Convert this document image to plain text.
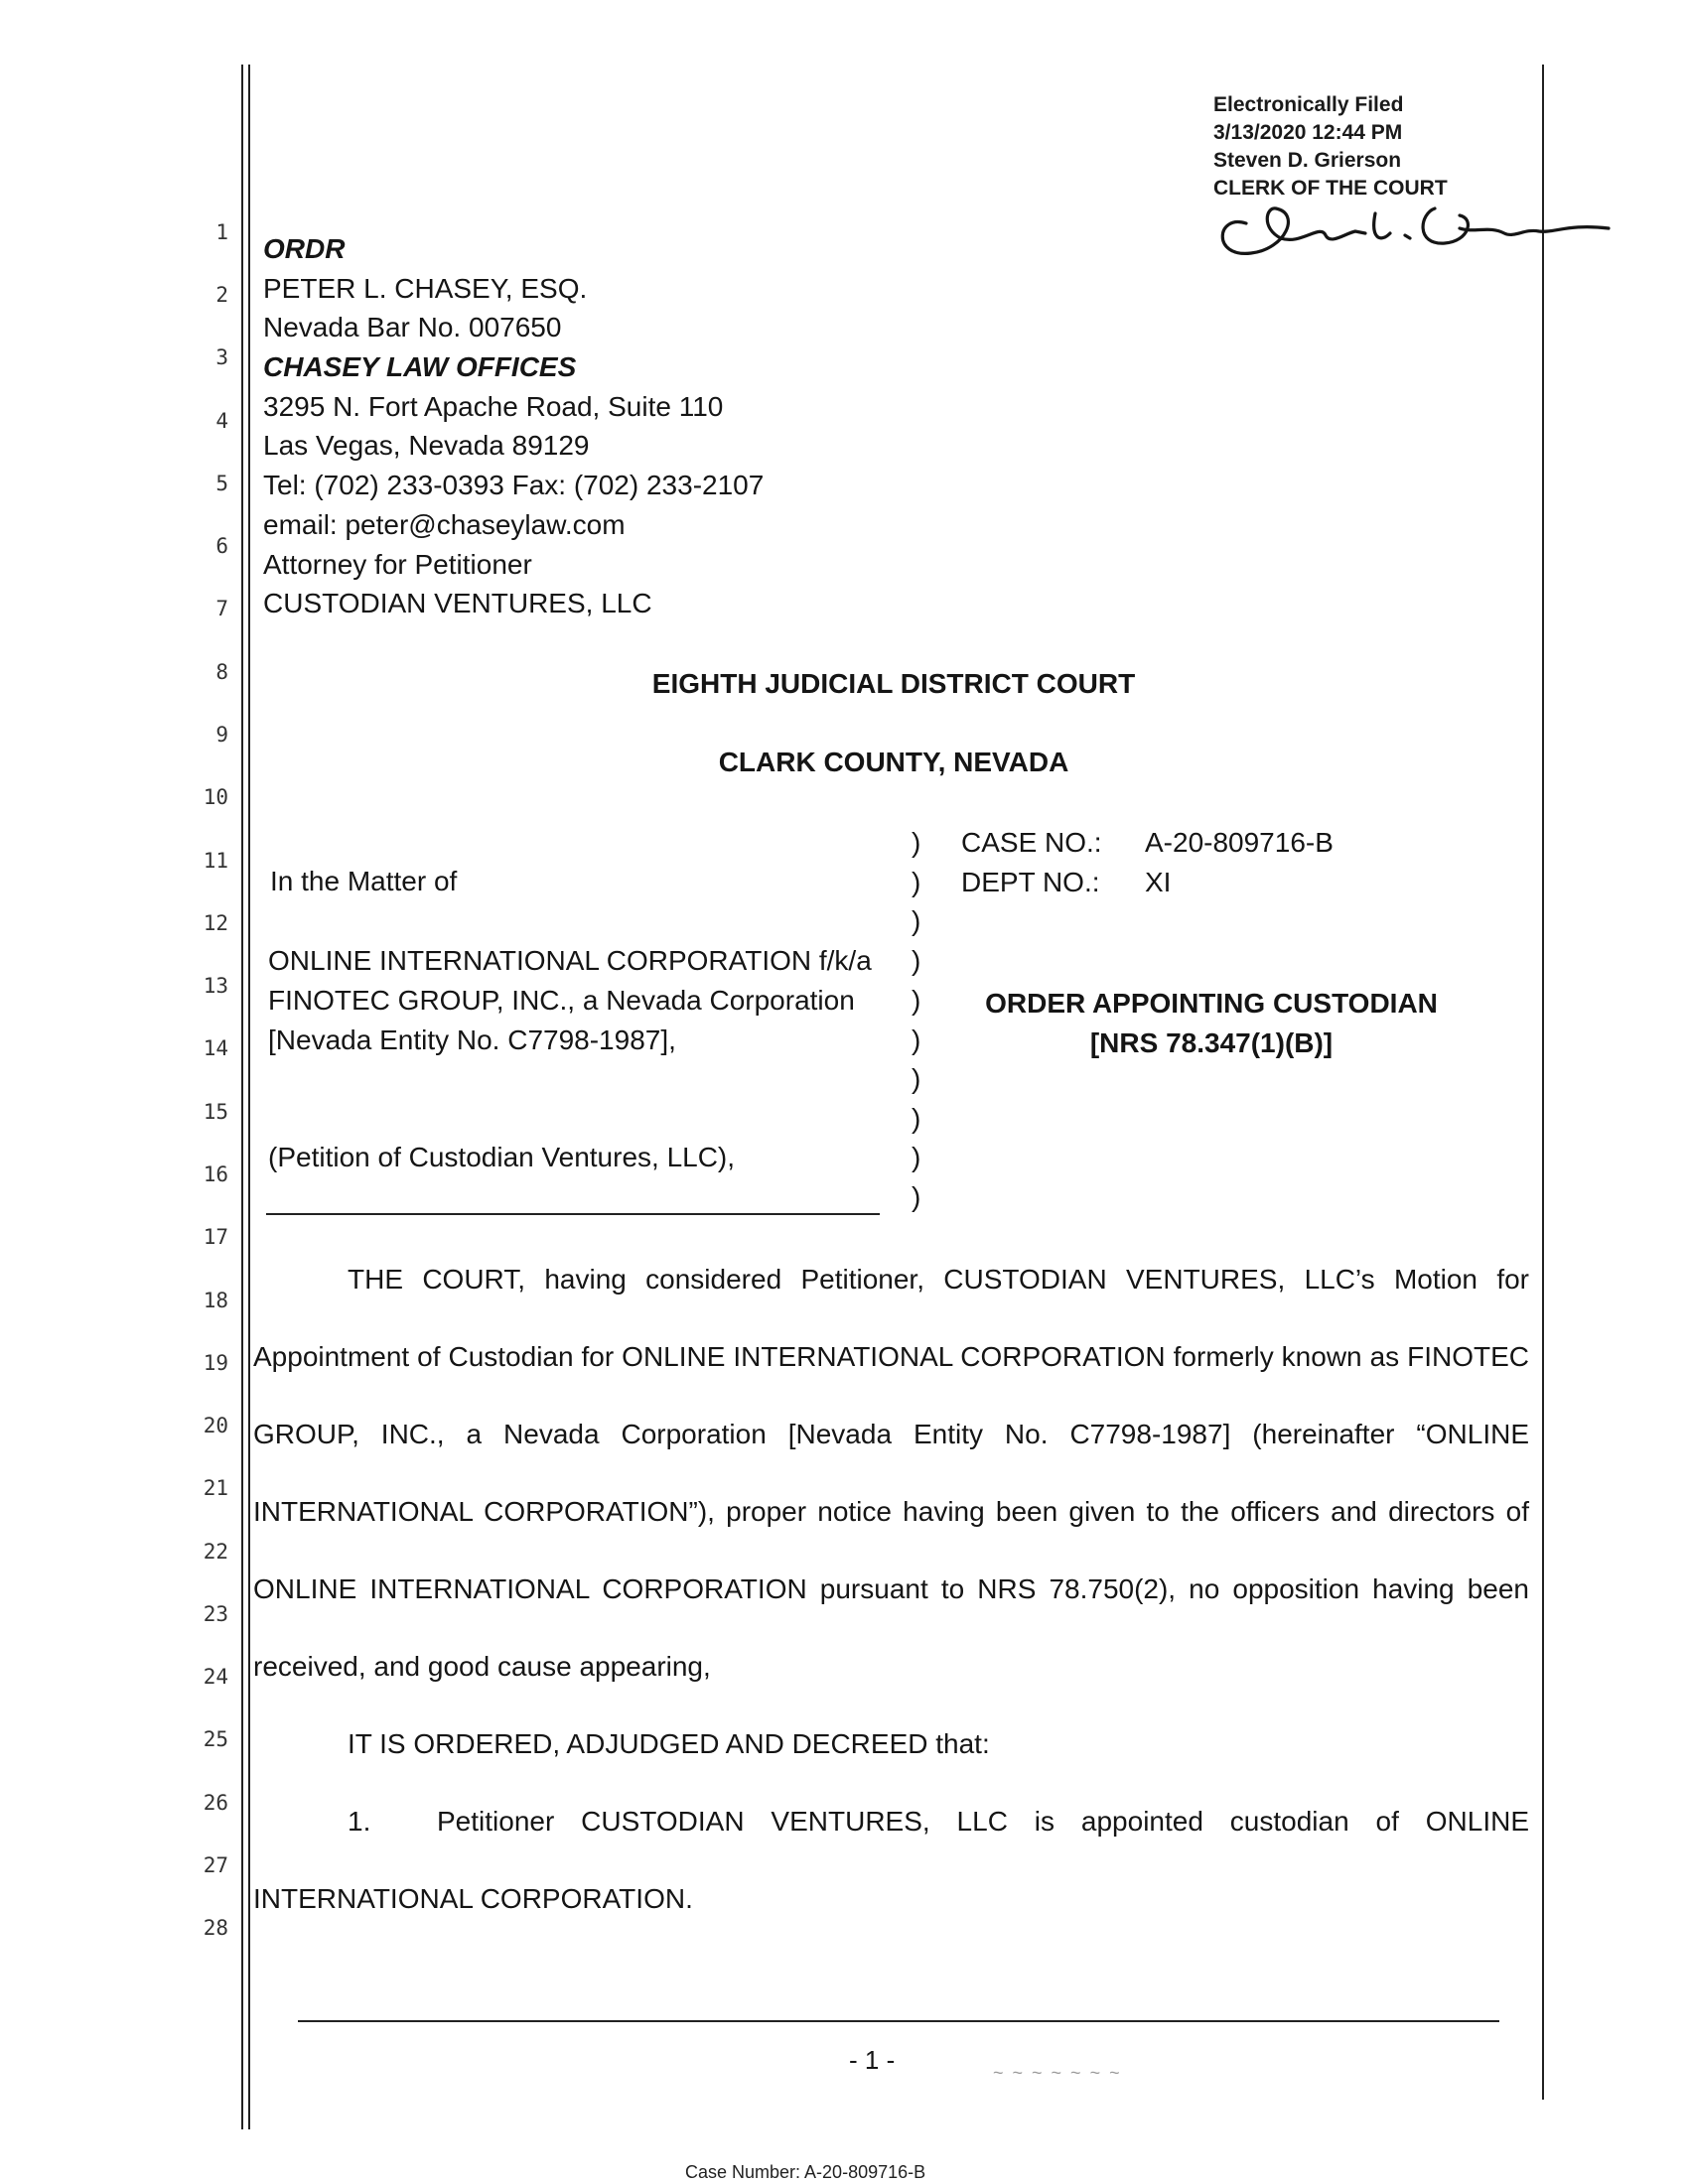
Electronically Filed
3/13/2020 12:44 PM
Steven D. Grierson
CLERK OF THE COURT
1
2
3
4
5
6
7
8
9
10
11
12
13
14
15
16
17
18
19
20
21
22
23
24
25
26
27
28
ORDR
PETER L. CHASEY, ESQ.
Nevada Bar No. 007650
CHASEY LAW OFFICES
3295 N. Fort Apache Road, Suite 110
Las Vegas, Nevada 89129
Tel: (702) 233-0393 Fax: (702) 233-2107
email: peter@chaseylaw.com
Attorney for Petitioner
CUSTODIAN VENTURES, LLC
EIGHTH JUDICIAL DISTRICT COURT
CLARK COUNTY, NEVADA
In the Matter of
ONLINE INTERNATIONAL CORPORATION f/k/a
FINOTEC GROUP, INC., a Nevada Corporation
[Nevada Entity No. C7798-1987],
(Petition of Custodian Ventures, LLC),
CASE NO.: A-20-809716-B
DEPT NO.: XI
ORDER APPOINTING CUSTODIAN
[NRS 78.347(1)(B)]
)
)
)
)
)
)
)
)
)
)
THE COURT, having considered Petitioner, CUSTODIAN VENTURES, LLC’s Motion for
Appointment of Custodian for ONLINE INTERNATIONAL CORPORATION formerly known as FINOTEC
GROUP, INC., a Nevada Corporation [Nevada Entity No. C7798-1987] (hereinafter “ONLINE
INTERNATIONAL CORPORATION”), proper notice having been given to the officers and directors of
ONLINE INTERNATIONAL CORPORATION pursuant to NRS 78.750(2), no opposition having been
received, and good cause appearing,
IT IS ORDERED, ADJUDGED AND DECREED that:
1.	Petitioner CUSTODIAN VENTURES, LLC is appointed custodian of ONLINE
INTERNATIONAL CORPORATION.
- 1 -	~ ~ ~ ~ ~ ~ ~
Case Number: A-20-809716-B
